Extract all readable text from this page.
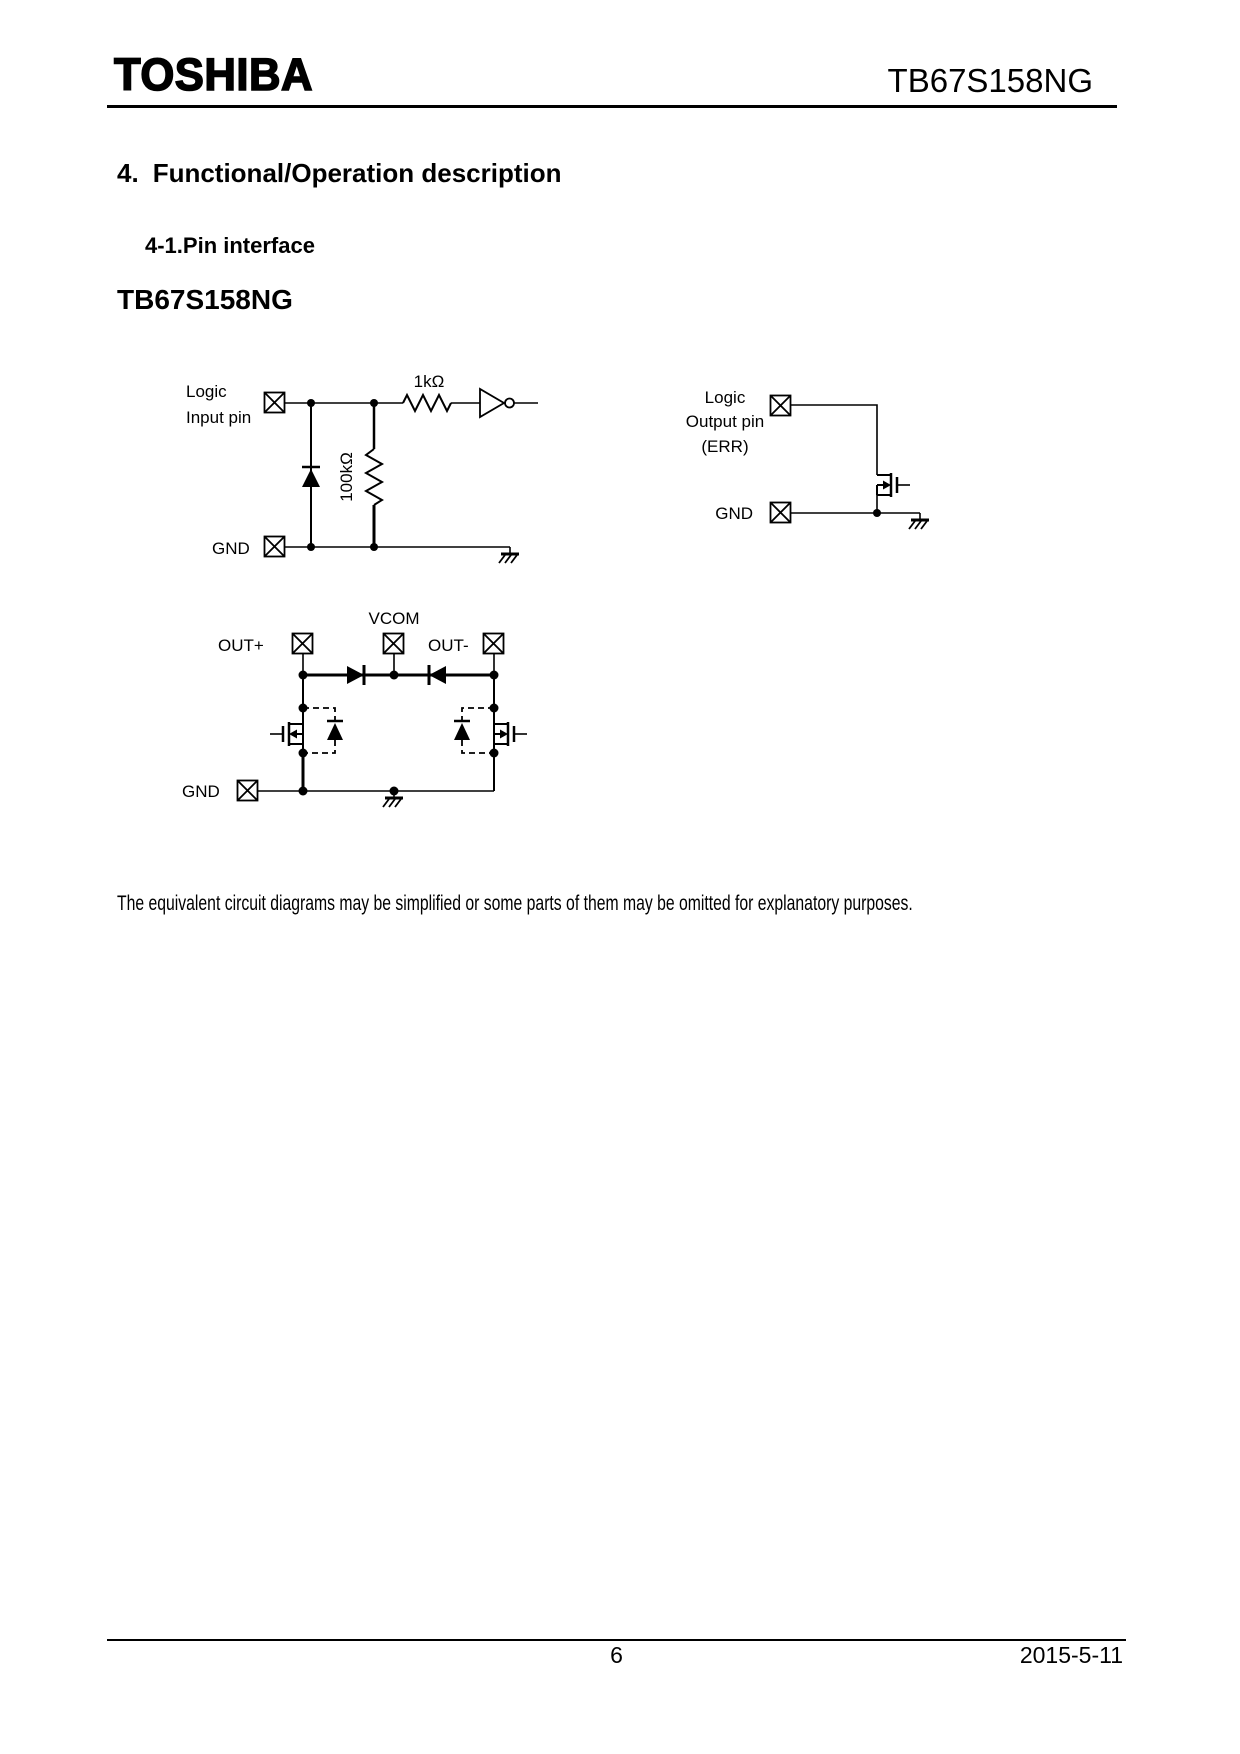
TOSHIBA	TB67S158NG
4. Functional/Operation description
4-1.Pin interface
TB67S158NG
Logic
Input pin
1kΩ
100kΩ
GND
Logic
Output pin
(ERR)
GND
VCOM
OUT+	OUT-
GND
The equivalent circuit diagrams may be simplified or some parts of them may be omitted for explanatory purposes.
6	2015-5-11
